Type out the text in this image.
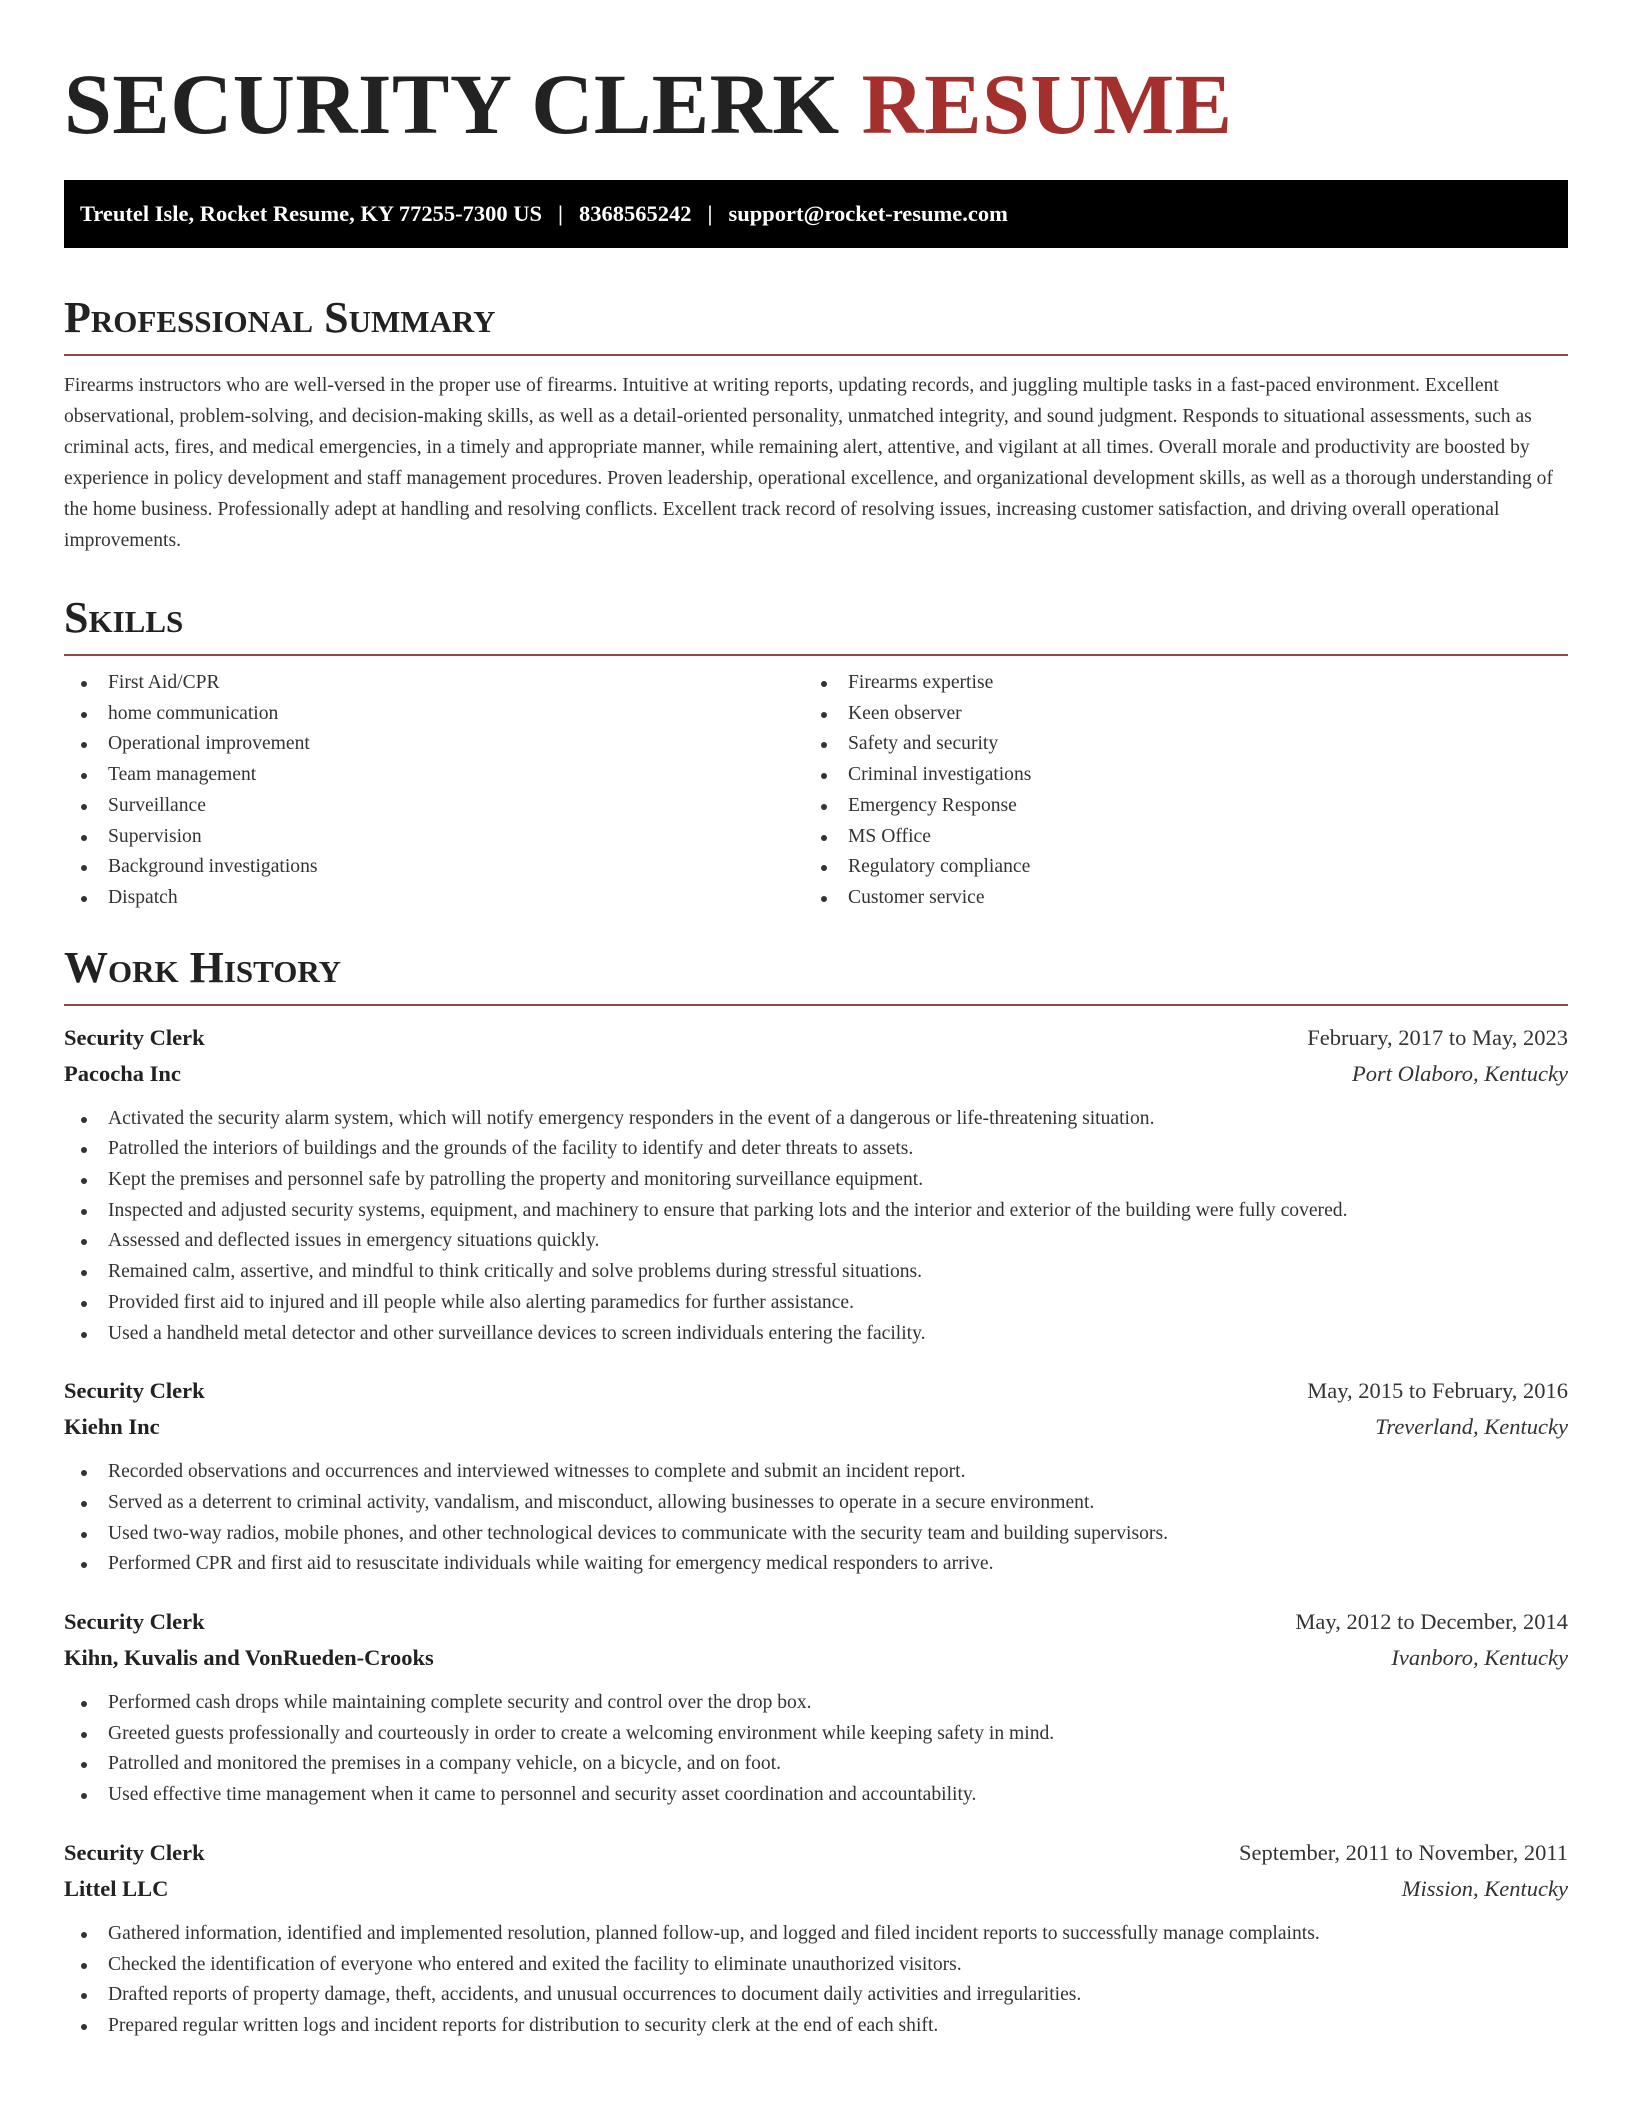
SECURITY CLERK RESUME
Treutel Isle, Rocket Resume, KY 77255-7300 US | 8368565242 | support@rocket-resume.com
Professional Summary

Firearms instructors who are well-versed in the proper use of firearms. Intuitive at writing reports, updating records, and juggling multiple tasks in a fast-paced environment. Excellent observational, problem-solving, and decision-making skills, as well as a detail-oriented personality, unmatched integrity, and sound judgment. Responds to situational assessments, such as criminal acts, fires, and medical emergencies, in a timely and appropriate manner, while remaining alert, attentive, and vigilant at all times. Overall morale and productivity are boosted by experience in policy development and staff management procedures. Proven leadership, operational excellence, and organizational development skills, as well as a thorough understanding of the home business. Professionally adept at handling and resolving conflicts. Excellent track record of resolving issues, increasing customer satisfaction, and driving overall operational improvements.

Skills
First Aid/CPR
home communication
Operational improvement
Team management
Surveillance
Supervision
Background investigations
Dispatch
Firearms expertise
Keen observer
Safety and security
Criminal investigations
Emergency Response
MS Office
Regulatory compliance
Customer service
Work History
Security Clerk	February, 2017 to May, 2023
Pacocha Inc	Port Olaboro, Kentucky
Activated the security alarm system, which will notify emergency responders in the event of a dangerous or life-threatening situation.
Patrolled the interiors of buildings and the grounds of the facility to identify and deter threats to assets.
Kept the premises and personnel safe by patrolling the property and monitoring surveillance equipment.
Inspected and adjusted security systems, equipment, and machinery to ensure that parking lots and the interior and exterior of the building were fully covered.
Assessed and deflected issues in emergency situations quickly.
Remained calm, assertive, and mindful to think critically and solve problems during stressful situations.
Provided first aid to injured and ill people while also alerting paramedics for further assistance.
Used a handheld metal detector and other surveillance devices to screen individuals entering the facility.
Security Clerk	May, 2015 to February, 2016
Kiehn Inc	Treverland, Kentucky
Recorded observations and occurrences and interviewed witnesses to complete and submit an incident report.
Served as a deterrent to criminal activity, vandalism, and misconduct, allowing businesses to operate in a secure environment.
Used two-way radios, mobile phones, and other technological devices to communicate with the security team and building supervisors.
Performed CPR and first aid to resuscitate individuals while waiting for emergency medical responders to arrive.
Security Clerk	May, 2012 to December, 2014
Kihn, Kuvalis and VonRueden-Crooks	Ivanboro, Kentucky
Performed cash drops while maintaining complete security and control over the drop box.
Greeted guests professionally and courteously in order to create a welcoming environment while keeping safety in mind.
Patrolled and monitored the premises in a company vehicle, on a bicycle, and on foot.
Used effective time management when it came to personnel and security asset coordination and accountability.
Security Clerk	September, 2011 to November, 2011
Littel LLC	Mission, Kentucky
Gathered information, identified and implemented resolution, planned follow-up, and logged and filed incident reports to successfully manage complaints.
Checked the identification of everyone who entered and exited the facility to eliminate unauthorized visitors.
Drafted reports of property damage, theft, accidents, and unusual occurrences to document daily activities and irregularities.
Prepared regular written logs and incident reports for distribution to security clerk at the end of each shift.
